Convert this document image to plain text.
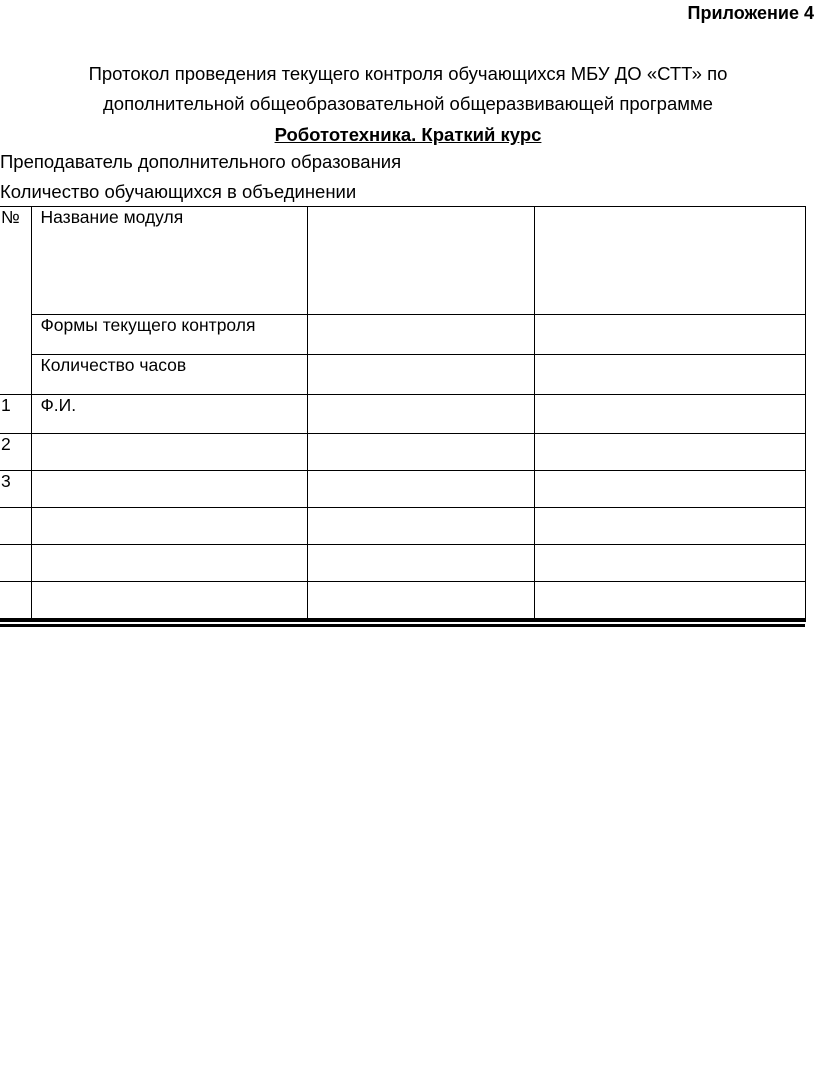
Приложение 4
Протокол проведения текущего контроля обучающихся МБУ ДО «СТТ» по
дополнительной общеобразовательной общеразвивающей программе
Робототехника. Краткий курс
Преподаватель дополнительного образования
Количество обучающихся в объединении
№	Название модуля		
	Формы текущего контроля		
	Количество часов		
1	Ф.И.		
2			
3			
